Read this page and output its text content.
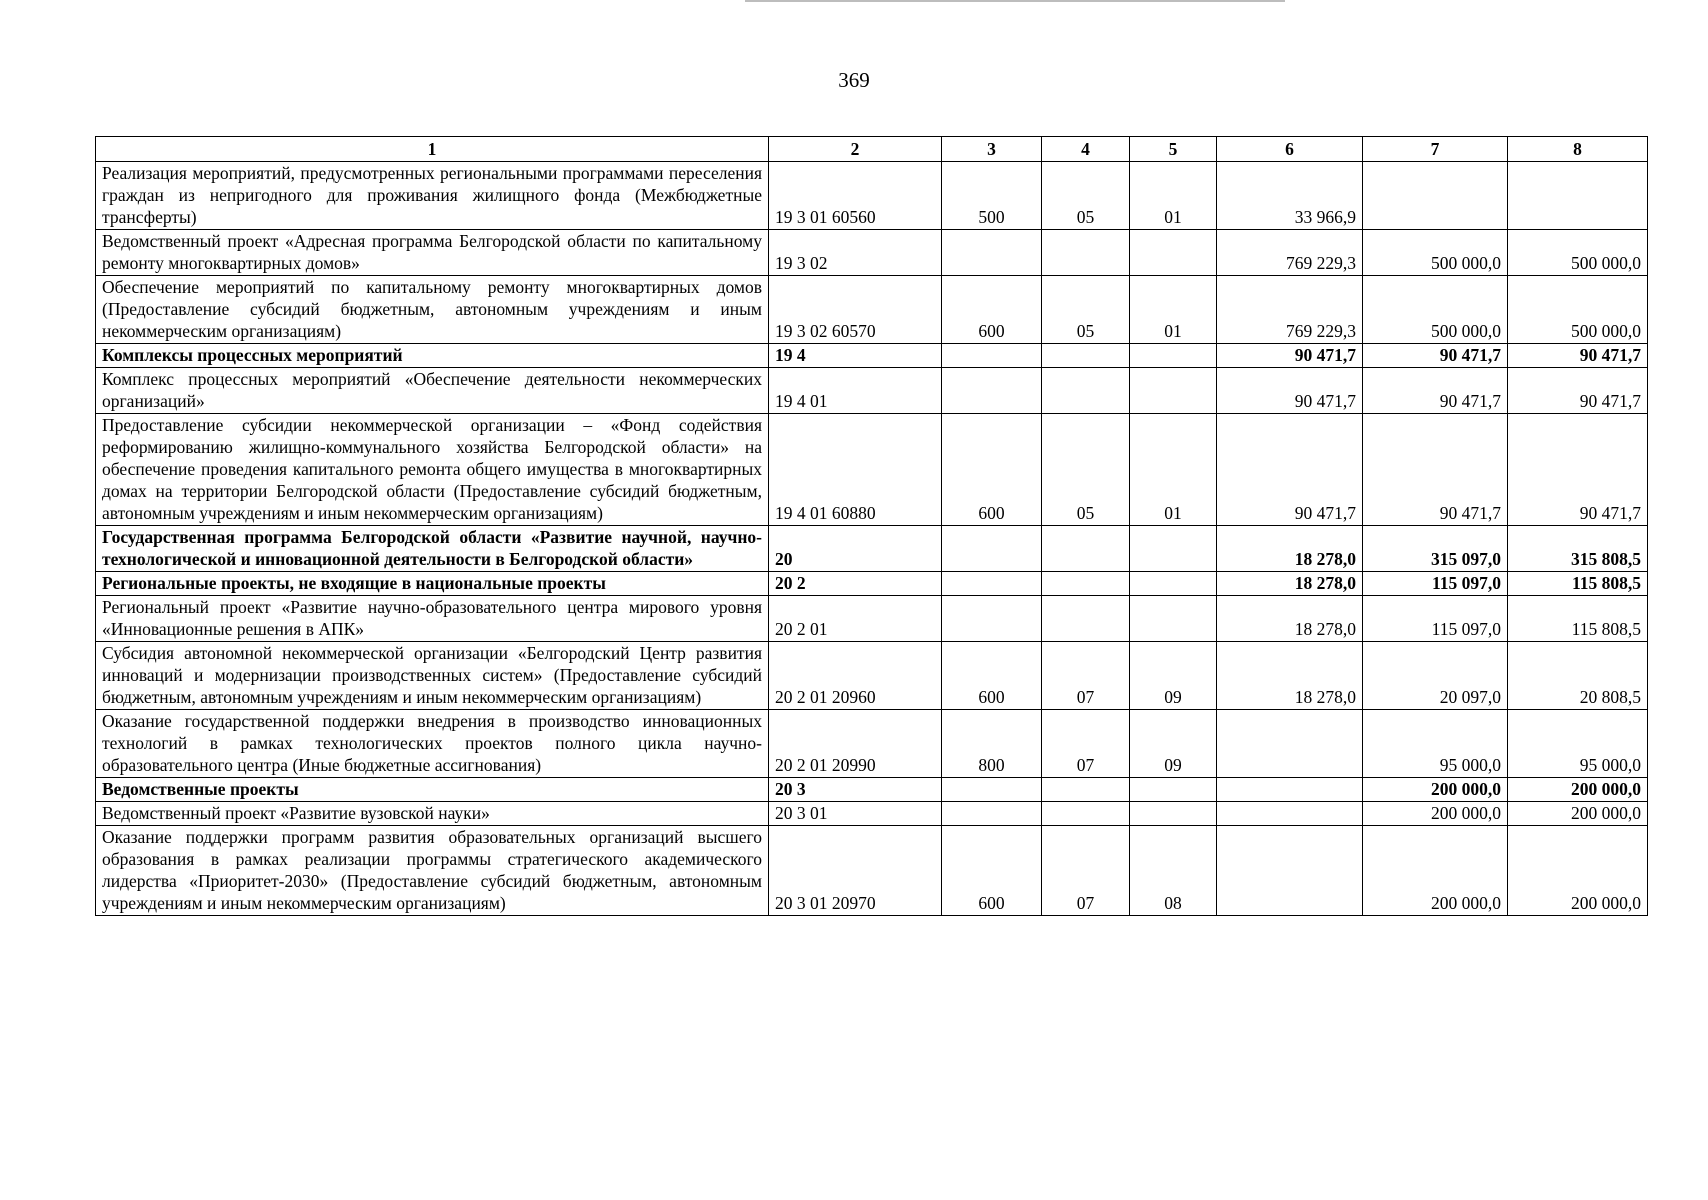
369
1	2	3	4	5	6	7	8
Реализация мероприятий, предусмотренных региональными программами переселения граждан из непригодного для проживания жилищного фонда (Межбюджетные трансферты)	19 3 01 60560	500	05	01	33 966,9		
Ведомственный проект «Адресная программа Белгородской области по капитальному ремонту многоквартирных домов»	19 3 02				769 229,3	500 000,0	500 000,0
Обеспечение мероприятий по капитальному ремонту многоквартирных домов (Предоставление субсидий бюджетным, автономным учреждениям и иным некоммерческим организациям)	19 3 02 60570	600	05	01	769 229,3	500 000,0	500 000,0
Комплексы процессных мероприятий	19 4				90 471,7	90 471,7	90 471,7
Комплекс процессных мероприятий «Обеспечение деятельности некоммерческих организаций»	19 4 01				90 471,7	90 471,7	90 471,7
Предоставление субсидии некоммерческой организации – «Фонд содействия реформированию жилищно-коммунального хозяйства Белгородской области» на обеспечение проведения капитального ремонта общего имущества в многоквартирных домах на территории Белгородской области (Предоставление субсидий бюджетным, автономным учреждениям и иным некоммерческим организациям)	19 4 01 60880	600	05	01	90 471,7	90 471,7	90 471,7
Государственная программа Белгородской области «Развитие научной, научно-технологической и инновационной деятельности в Белгородской области»	20				18 278,0	315 097,0	315 808,5
Региональные проекты, не входящие в национальные проекты	20 2				18 278,0	115 097,0	115 808,5
Региональный проект «Развитие научно-образовательного центра мирового уровня «Инновационные решения в АПК»	20 2 01				18 278,0	115 097,0	115 808,5
Субсидия автономной некоммерческой организации «Белгородский Центр развития инноваций и модернизации производственных систем» (Предоставление субсидий бюджетным, автономным учреждениям и иным некоммерческим организациям)	20 2 01 20960	600	07	09	18 278,0	20 097,0	20 808,5
Оказание государственной поддержки внедрения в производство инновационных технологий в рамках технологических проектов полного цикла научно-образовательного центра (Иные бюджетные ассигнования)	20 2 01 20990	800	07	09		95 000,0	95 000,0
Ведомственные проекты	20 3					200 000,0	200 000,0
Ведомственный проект «Развитие вузовской науки»	20 3 01					200 000,0	200 000,0
Оказание поддержки программ развития образовательных организаций высшего образования в рамках реализации программы стратегического академического лидерства «Приоритет-2030» (Предоставление субсидий бюджетным, автономным учреждениям и иным некоммерческим организациям)	20 3 01 20970	600	07	08		200 000,0	200 000,0
